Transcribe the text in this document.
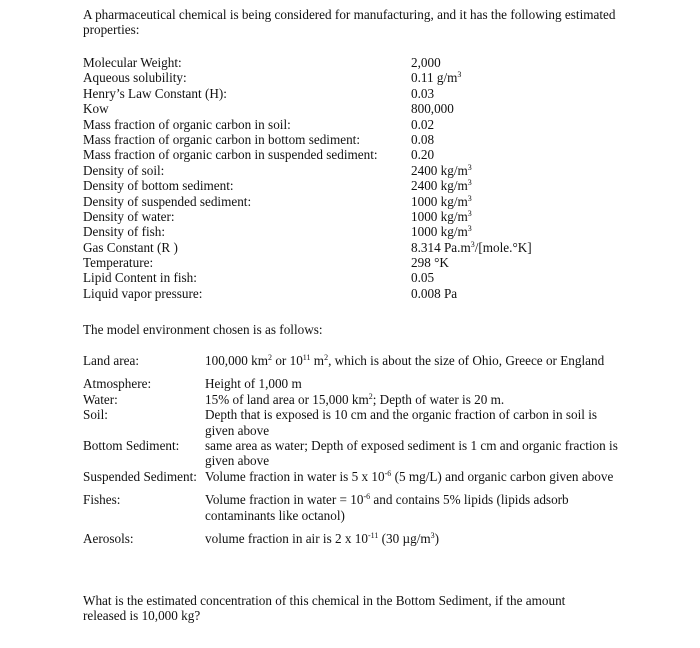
A pharmaceutical chemical is being considered for manufacturing, and it has the following estimated properties:
Molecular Weight:	2,000
Aqueous solubility:	0.11 $g/m^3$
Henry’s Law Constant (H):	0.03
Kow	800,000
Mass fraction of organic carbon in soil:	0.02
Mass fraction of organic carbon in bottom sediment:	0.08
Mass fraction of organic carbon in suspended sediment:	0.20
Density of soil:	2400 $kg/m^3$
Density of bottom sediment:	2400 $kg/m^3$
Density of suspended sediment:	1000 $kg/m^3$
Density of water:	1000 $kg/m^3$
Density of fish:	1000 $kg/m^3$
Gas Constant (R )	8.314 $Pa.m^3/[mole.^\circ K]$
Temperature:	298 °K
Lipid Content in fish:	0.05
Liquid vapor pressure:	0.008 Pa
The model environment chosen is as follows:
Land area:	100,000 $km^2$ or $10^{11}$ $m^2$, which is about the size of Ohio, Greece or England
Atmosphere:	Height of 1,000 m
Water:	15% of land area or 15,000 $km^2$; Depth of water is 20 m.
Soil:	Depth that is exposed is 10 cm and the organic fraction of carbon in soil is given above
Bottom Sediment: same area as water; Depth of exposed sediment is 1 cm and organic fraction is given above
Suspended Sediment: Volume fraction in water is 5 x $10^{-6}$ (5 mg/L) and organic carbon given above
Fishes:	Volume fraction in water = $10^{-6}$ and contains 5% lipids (lipids adsorb contaminants like octanol)
Aerosols:	volume fraction in air is 2 x $10^{-11}$ (30 $\mu g/m^3$)
What is the estimated concentration of this chemical in the Bottom Sediment, if the amount released is 10,000 kg?
